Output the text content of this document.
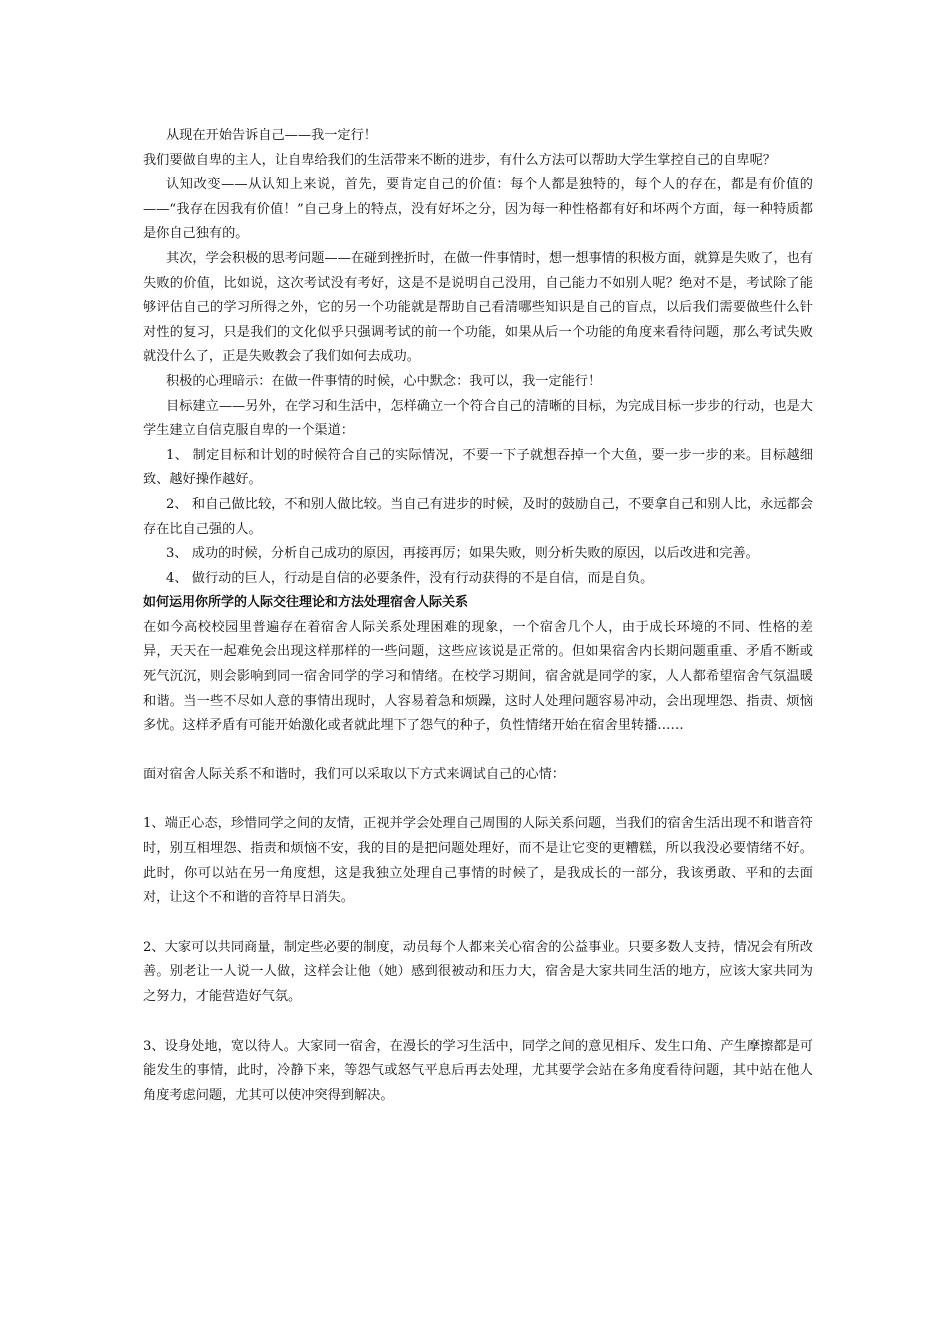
从现在开始告诉自己——我一定行！

我们要做自卑的主人，让自卑给我们的生活带来不断的进步，有什么方法可以帮助大学生掌控自己的自卑呢？

认知改变——从认知上来说，首先，要肯定自己的价值：每个人都是独特的，每个人的存在，都是有价值的——“我存在因我有价值！”自己身上的特点，没有好坏之分，因为每一种性格都有好和坏两个方面，每一种特质都是你自己独有的。

其次，学会积极的思考问题——在碰到挫折时，在做一件事情时，想一想事情的积极方面，就算是失败了，也有失败的价值，比如说，这次考试没有考好，这是不是说明自己没用，自己能力不如别人呢？绝对不是，考试除了能够评估自己的学习所得之外，它的另一个功能就是帮助自己看清哪些知识是自己的盲点，以后我们需要做些什么针对性的复习，只是我们的文化似乎只强调考试的前一个功能，如果从后一个功能的角度来看待问题，那么考试失败就没什么了，正是失败教会了我们如何去成功。

积极的心理暗示：在做一件事情的时候，心中默念：我可以，我一定能行！

目标建立——另外，在学习和生活中，怎样确立一个符合自己的清晰的目标，为完成目标一步步的行动，也是大学生建立自信克服自卑的一个渠道：

1、 制定目标和计划的时候符合自己的实际情况，不要一下子就想吞掉一个大鱼，要一步一步的来。目标越细致、越好操作越好。

2、 和自己做比较，不和别人做比较。当自己有进步的时候，及时的鼓励自己，不要拿自己和别人比，永远都会存在比自己强的人。

3、 成功的时候，分析自己成功的原因，再接再厉；如果失败，则分析失败的原因，以后改进和完善。

4、 做行动的巨人，行动是自信的必要条件，没有行动获得的不是自信，而是自负。

如何运用你所学的人际交往理论和方法处理宿舍人际关系

在如今高校校园里普遍存在着宿舍人际关系处理困难的现象，一个宿舍几个人，由于成长环境的不同、性格的差异，天天在一起难免会出现这样那样的一些问题，这些应该说是正常的。但如果宿舍内长期问题重重、矛盾不断或死气沉沉，则会影响到同一宿舍同学的学习和情绪。在校学习期间，宿舍就是同学的家，人人都希望宿舍气氛温暖和谐。当一些不尽如人意的事情出现时，人容易着急和烦躁，这时人处理问题容易冲动，会出现埋怨、指责、烦恼多忧。这样矛盾有可能开始激化或者就此埋下了怨气的种子，负性情绪开始在宿舍里转播……

面对宿舍人际关系不和谐时，我们可以采取以下方式来调试自己的心情：

1、端正心态，珍惜同学之间的友情，正视并学会处理自己周围的人际关系问题，当我们的宿舍生活出现不和谐音符时，别互相埋怨、指责和烦恼不安，我的目的是把问题处理好，而不是让它变的更糟糕，所以我没必要情绪不好。此时，你可以站在另一角度想，这是我独立处理自己事情的时候了，是我成长的一部分，我该勇敢、平和的去面对，让这个不和谐的音符早日消失。

2、大家可以共同商量，制定些必要的制度，动员每个人都来关心宿舍的公益事业。只要多数人支持，情况会有所改善。别老让一人说一人做，这样会让他（她）感到很被动和压力大，宿舍是大家共同生活的地方，应该大家共同为之努力，才能营造好气氛。

3、设身处地，宽以待人。大家同一宿舍，在漫长的学习生活中，同学之间的意见相斥、发生口角、产生摩擦都是可能发生的事情，此时，冷静下来，等怨气或怒气平息后再去处理，尤其要学会站在多角度看待问题，其中站在他人角度考虑问题，尤其可以使冲突得到解决。
